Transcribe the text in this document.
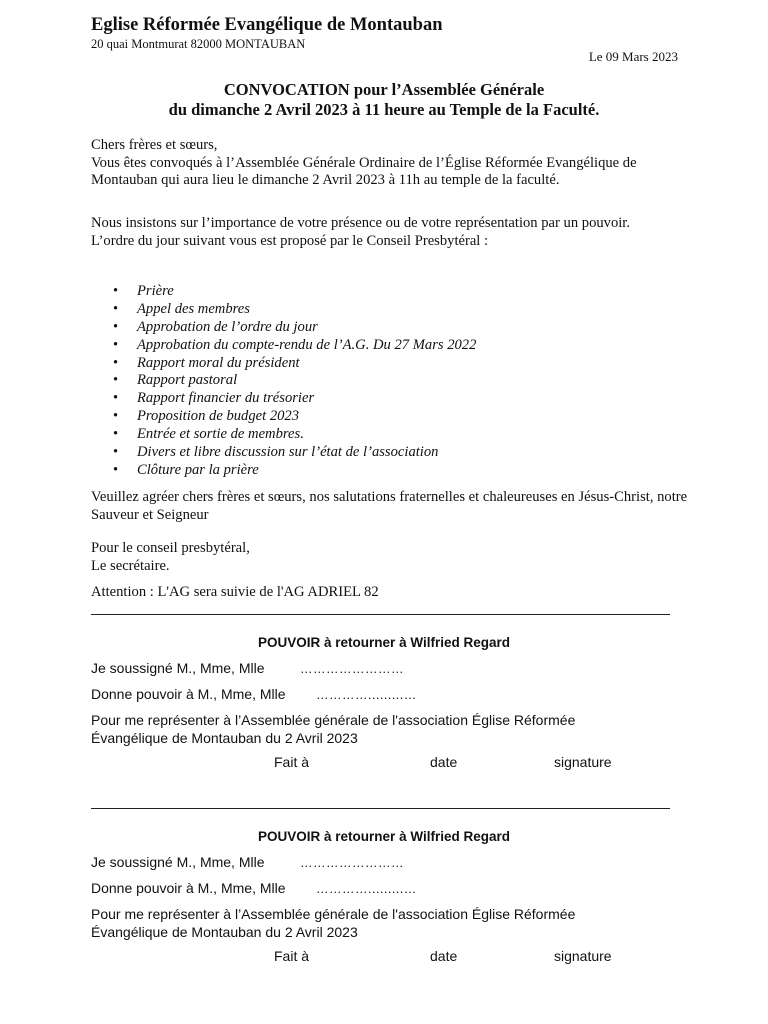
Eglise Réformée Evangélique de Montauban
20 quai Montmurat 82000 MONTAUBAN
Le 09 Mars 2023
CONVOCATION pour l’Assemblée Générale
du dimanche 2 Avril 2023 à 11 heure au Temple de la Faculté.
Chers frères et sœurs,
Vous êtes convoqués à l’Assemblée Générale Ordinaire de l’Église Réformée Evangélique de Montauban qui aura lieu le dimanche 2 Avril 2023 à 11h au temple de la faculté.
Nous insistons sur l’importance de votre présence ou de votre représentation par un pouvoir.
L’ordre du jour suivant vous est proposé par le Conseil Presbytéral :
• Prière
• Appel des membres
• Approbation de l’ordre du jour
• Approbation du compte-rendu de l’A.G. Du 27 Mars 2022
• Rapport moral du président
• Rapport pastoral
• Rapport financier du trésorier
• Proposition de budget 2023
• Entrée et sortie de membres.
• Divers et libre discussion sur l’état de l’association
• Clôture par la prière
Veuillez agréer chers frères et sœurs, nos salutations fraternelles et chaleureuses en Jésus-Christ, notre Sauveur et Seigneur
Pour le conseil presbytéral,
Le secrétaire.
Attention : L'AG sera suivie de l'AG ADRIEL 82
POUVOIR à retourner à Wilfried Regard
Je soussigné M., Mme, Mlle	……………………
Donne pouvoir à M., Mme, Mlle ………….........…
Pour me représenter à l’Assemblée générale de l'association Église Réformée Évangélique de Montauban du 2 Avril 2023
Fait à	date	signature
POUVOIR à retourner à Wilfried Regard
Je soussigné M., Mme, Mlle	……………………
Donne pouvoir à M., Mme, Mlle ………….........…
Pour me représenter à l’Assemblée générale de l'association Église Réformée Évangélique de Montauban du 2 Avril 2023
Fait à	date	signature
